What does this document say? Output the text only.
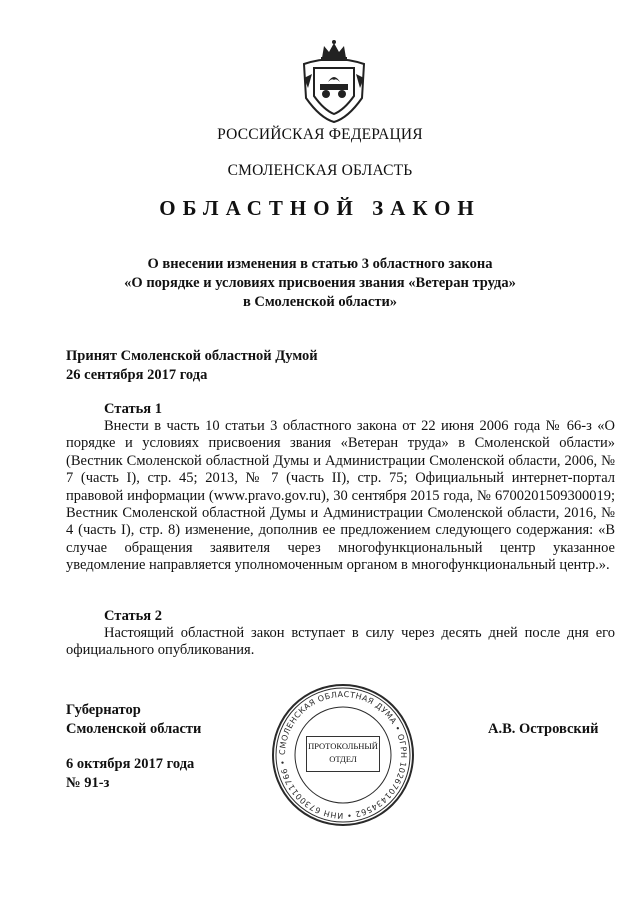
РОССИЙСКАЯ ФЕДЕРАЦИЯ
СМОЛЕНСКАЯ ОБЛАСТЬ
ОБЛАСТНОЙ ЗАКОН
О внесении изменения в статью 3 областного закона
«О порядке и условиях присвоения звания «Ветеран труда»
в Смоленской области»
Принят Смоленской областной Думой
26 сентября 2017 года
Статья 1
Внести в часть 10 статьи 3 областного закона от 22 июня 2006 года № 66-з «О порядке и условиях присвоения звания «Ветеран труда» в Смоленской области» (Вестник Смоленской областной Думы и Администрации Смоленской области, 2006, № 7 (часть I), стр. 45; 2013, № 7 (часть II), стр. 75; Официальный интернет-портал правовой информации (www.pravo.gov.ru), 30 сентября 2015 года, № 6700201509300019; Вестник Смоленской областной Думы и Администрации Смоленской области, 2016, № 4 (часть I), стр. 8) изменение, дополнив ее предложением следующего содержания: «В случае обращения заявителя через многофункциональный центр указанное уведомление направляется уполномоченным органом в многофункциональный центр.».
Статья 2
Настоящий областной закон вступает в силу через десять дней после дня его официального опубликования.
Губернатор
Смоленской области	А.В. Островский
6 октября 2017 года
№ 91-з
СМОЛЕНСКАЯ ОБЛАСТНАЯ ДУМА • ОГРН 1026701434562 • ИНН 6730011766 •
ПРОТОКОЛЬНЫЙ
ОТДЕЛ
